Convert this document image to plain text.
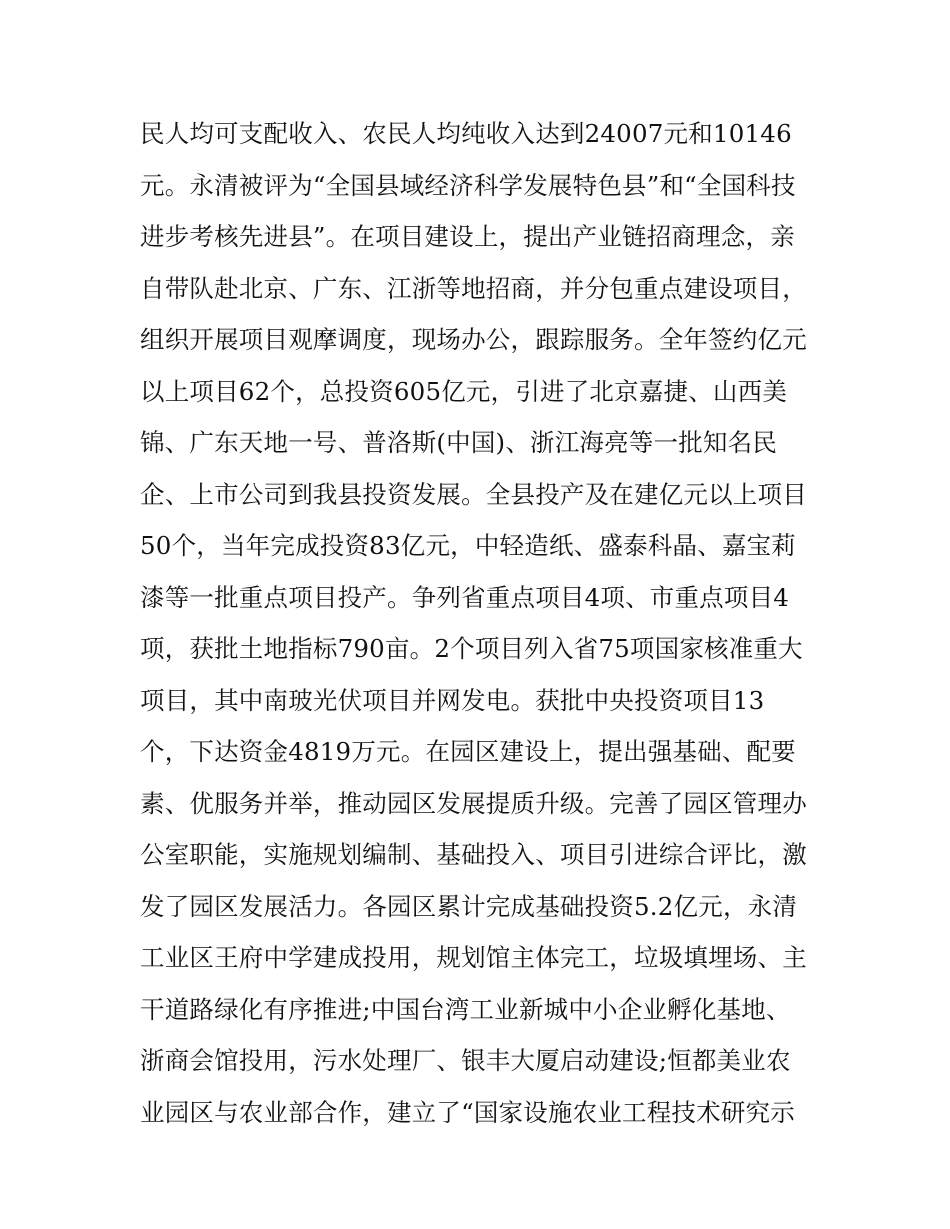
民人均可支配收入、农民人均纯收入达到24007元和10146
元。永清被评为“全国县域经济科学发展特色县”和“全国科技
进步考核先进县”。在项目建设上，提出产业链招商理念，亲
自带队赴北京、广东、江浙等地招商，并分包重点建设项目，
组织开展项目观摩调度，现场办公，跟踪服务。全年签约亿元
以上项目62个，总投资605亿元，引进了北京嘉捷、山西美
锦、广东天地一号、普洛斯(中国)、浙江海亮等一批知名民
企、上市公司到我县投资发展。全县投产及在建亿元以上项目
50个，当年完成投资83亿元，中轻造纸、盛泰科晶、嘉宝莉
漆等一批重点项目投产。争列省重点项目4项、市重点项目4
项，获批土地指标790亩。2个项目列入省75项国家核准重大
项目，其中南玻光伏项目并网发电。获批中央投资项目13
个，下达资金4819万元。在园区建设上，提出强基础、配要
素、优服务并举，推动园区发展提质升级。完善了园区管理办
公室职能，实施规划编制、基础投入、项目引进综合评比，激
发了园区发展活力。各园区累计完成基础投资5.2亿元，永清
工业区王府中学建成投用，规划馆主体完工，垃圾填埋场、主
干道路绿化有序推进;中国台湾工业新城中小企业孵化基地、
浙商会馆投用，污水处理厂、银丰大厦启动建设;恒都美业农
业园区与农业部合作，建立了“国家设施农业工程技术研究示
